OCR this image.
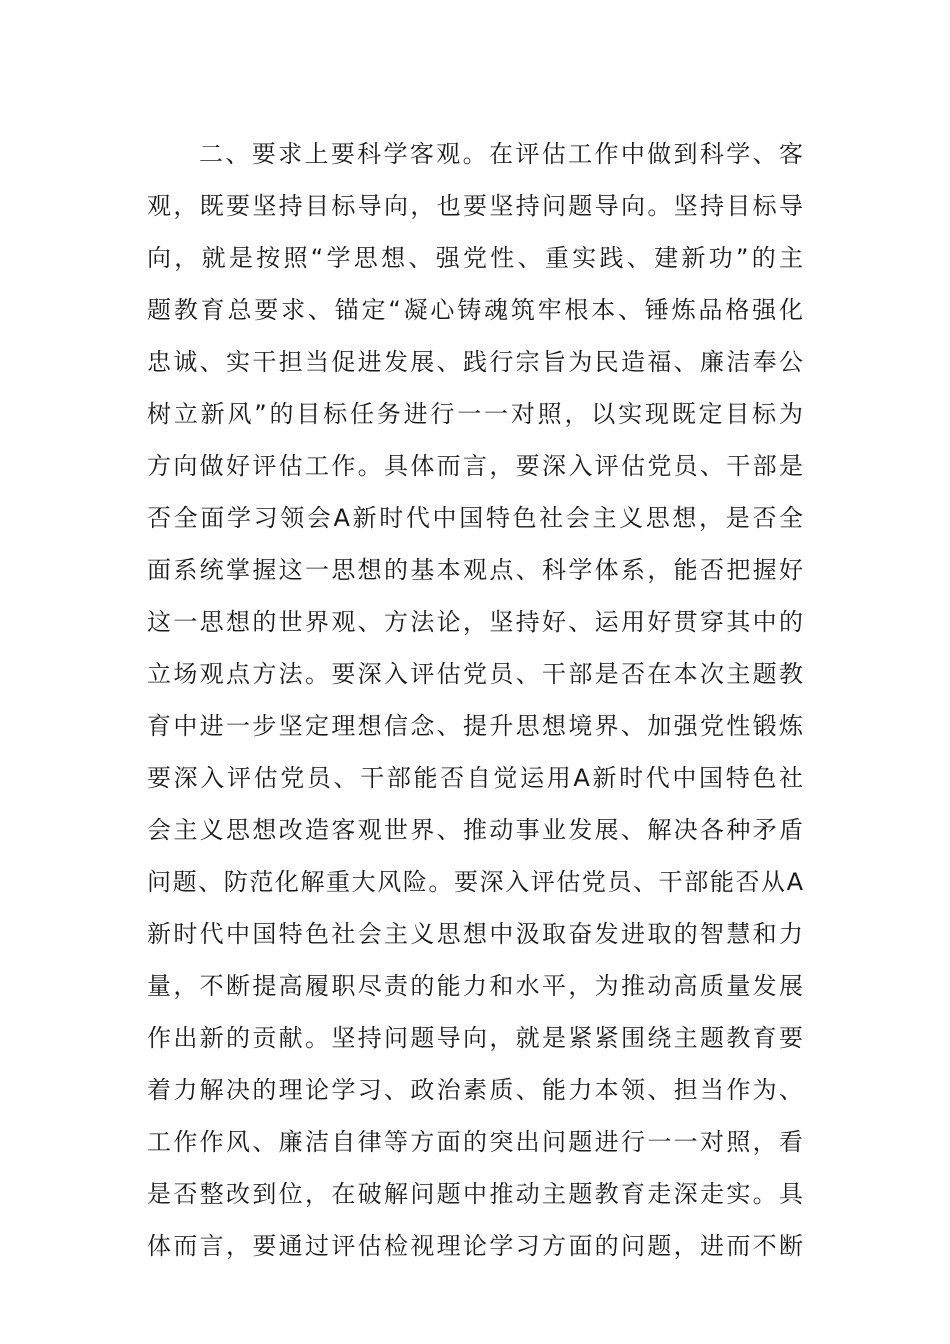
二、要求上要科学客观。在评估工作中做到科学、客
观，既要坚持目标导向，也要坚持问题导向。坚持目标导
向，就是按照“学思想、强党性、重实践、建新功”的主
题教育总要求、锚定“凝心铸魂筑牢根本、锤炼品格强化
忠诚、实干担当促进发展、践行宗旨为民造福、廉洁奉公
树立新风”的目标任务进行一一对照，以实现既定目标为
方向做好评估工作。具体而言，要深入评估党员、干部是
否全面学习领会A新时代中国特色社会主义思想，是否全
面系统掌握这一思想的基本观点、科学体系，能否把握好
这一思想的世界观、方法论，坚持好、运用好贯穿其中的
立场观点方法。要深入评估党员、干部是否在本次主题教
育中进一步坚定理想信念、提升思想境界、加强党性锻炼
要深入评估党员、干部能否自觉运用A新时代中国特色社
会主义思想改造客观世界、推动事业发展、解决各种矛盾
问题、防范化解重大风险。要深入评估党员、干部能否从A
新时代中国特色社会主义思想中汲取奋发进取的智慧和力
量，不断提高履职尽责的能力和水平，为推动高质量发展
作出新的贡献。坚持问题导向，就是紧紧围绕主题教育要
着力解决的理论学习、政治素质、能力本领、担当作为、
工作作风、廉洁自律等方面的突出问题进行一一对照，看
是否整改到位，在破解问题中推动主题教育走深走实。具
体而言，要通过评估检视理论学习方面的问题，进而不断
